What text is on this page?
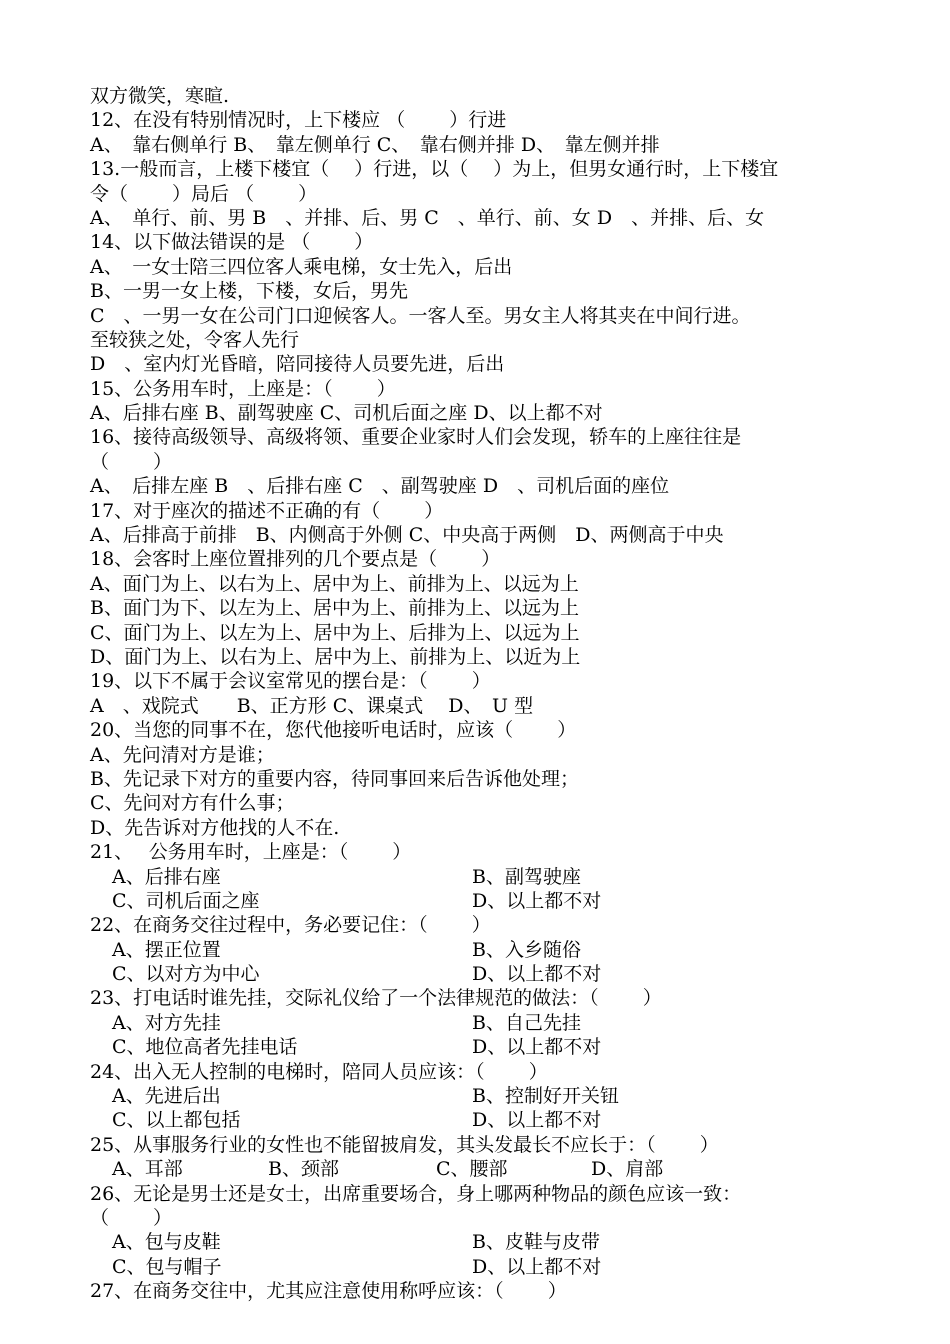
双方微笑，寒暄.
12、在没有特别情况时，上下楼应 （　　 ）行进
A、　靠右侧单行 B、　靠左侧单行 C、　靠右侧并排 D、　靠左侧并排
13.一般而言，上楼下楼宜（　 ）行进，以（　 ）为上，但男女通行时，上下楼宜
令（　　 ）局后 （　　 ）
A、　单行、前、男 B　、并排、后、男 C　、单行、前、女 D　、并排、后、女
14、以下做法错误的是 （　　 ）
A、　一女士陪三四位客人乘电梯，女士先入，后出
B、一男一女上楼，下楼，女后，男先
C　、一男一女在公司门口迎候客人。一客人至。男女主人将其夹在中间行进。
至较狭之处，令客人先行
D　、室内灯光昏暗，陪同接待人员要先进，后出
15、公务用车时，上座是：（　　 ）
A、后排右座 B、副驾驶座 C、司机后面之座 D、以上都不对
16、接待高级领导、高级将领、重要企业家时人们会发现，轿车的上座往往是
（　　 ）
A、　后排左座 B　、后排右座 C　、副驾驶座 D　、司机后面的座位
17、对于座次的描述不正确的有（　　 ）
A、后排高于前排　B、内侧高于外侧 C、中央高于两侧　D、两侧高于中央
18、会客时上座位置排列的几个要点是（　　 ）
A、面门为上、以右为上、居中为上、前排为上、以远为上
B、面门为下、以左为上、居中为上、前排为上、以远为上
C、面门为上、以左为上、居中为上、后排为上、以远为上
D、面门为上、以右为上、居中为上、前排为上、以近为上
19、以下不属于会议室常见的摆台是：（　　 ）
A　、戏院式　　B、正方形 C、课桌式　 D、　U 型
20、当您的同事不在，您代他接听电话时，应该（　　 ）
A、先问清对方是谁；
B、先记录下对方的重要内容，待同事回来后告诉他处理；
C、先问对方有什么事；
D、先告诉对方他找的人不在.
21、　 公务用车时，上座是：（　　 ）
A、后排右座	B、副驾驶座
C、司机后面之座	D、以上都不对
22、在商务交往过程中，务必要记住：（　　 ）
A、摆正位置	B、入乡随俗
C、以对方为中心	D、以上都不对
23、打电话时谁先挂，交际礼仪给了一个法律规范的做法：（　　 ）
A、对方先挂	B、自己先挂
C、地位高者先挂电话	D、以上都不对
24、出入无人控制的电梯时，陪同人员应该：（　　 ）
A、先进后出	B、控制好开关钮
C、以上都包括	D、以上都不对
25、从事服务行业的女性也不能留披肩发，其头发最长不应长于：（　　 ）
A、耳部	B、颈部	C、腰部	D、肩部
26、无论是男士还是女士，出席重要场合，身上哪两种物品的颜色应该一致：
（　　 ）
A、包与皮鞋	B、皮鞋与皮带
C、包与帽子	D、以上都不对
27、在商务交往中，尤其应注意使用称呼应该：（　　 ）
